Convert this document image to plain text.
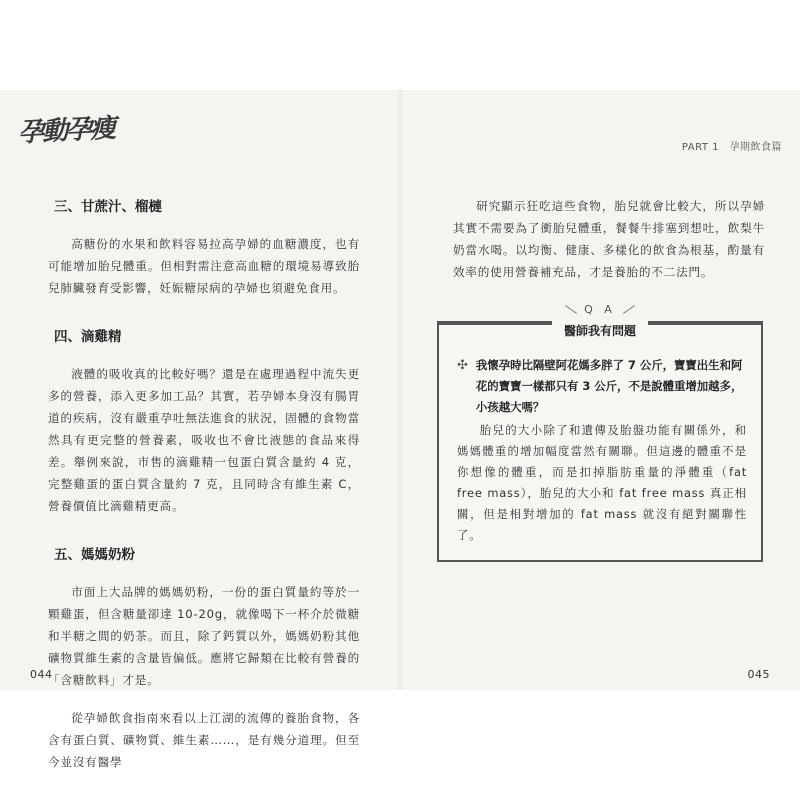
孕動孕瘦	PART 1　孕期飲食篇
三、甘蔗汁、榴槤

高糖份的水果和飲料容易拉高孕婦的血糖濃度，也有可能增加胎兒體重。但相對需注意高血糖的環境易導致胎兒肺臟發育受影響，妊娠糖尿病的孕婦也須避免食用。

四、滴雞精

液體的吸收真的比較好嗎？還是在處理過程中流失更多的營養，添入更多加工品？其實，若孕婦本身沒有腸胃道的疾病，沒有嚴重孕吐無法進食的狀況，固體的食物當然具有更完整的營養素，吸收也不會比液態的食品來得差。舉例來說，市售的滴雞精一包蛋白質含量約 4 克，完整雞蛋的蛋白質含量約 7 克，且同時含有維生素 C，營養價值比滴雞精更高。

五、媽媽奶粉

市面上大品牌的媽媽奶粉，一份的蛋白質量約等於一顆雞蛋，但含糖量卻達 10-20g，就像喝下一杯介於微糖和半糖之間的奶茶。而且，除了鈣質以外，媽媽奶粉其他礦物質維生素的含量皆偏低。應將它歸類在比較有營養的「含糖飲料」才是。

從孕婦飲食指南來看以上江湖的流傳的養胎食物，各含有蛋白質、礦物質、維生素……，是有幾分道理。但至今並沒有醫學

044

研究顯示狂吃這些食物，胎兒就會比較大，所以孕婦其實不需要為了衝胎兒體重，餐餐牛排塞到想吐，飲梨牛奶當水喝。以均衡、健康、多樣化的飲食為根基，酌量有效率的使用營養補充品，才是養胎的不二法門。

Q A
醫師我有問題
✣ 我懷孕時比隔壁阿花媽多胖了 7 公斤，寶寶出生和阿花的寶寶一樣都只有 3 公斤，不是說體重增加越多，小孩越大嗎？

胎兒的大小除了和遺傳及胎盤功能有關係外，和媽媽體重的增加幅度當然有關聯。但這邊的體重不是你想像的體重，而是扣掉脂肪重量的淨體重（fat free mass），胎兒的大小和 fat free mass 真正相關，但是相對增加的 fat mass 就沒有絕對關聯性了。

045
